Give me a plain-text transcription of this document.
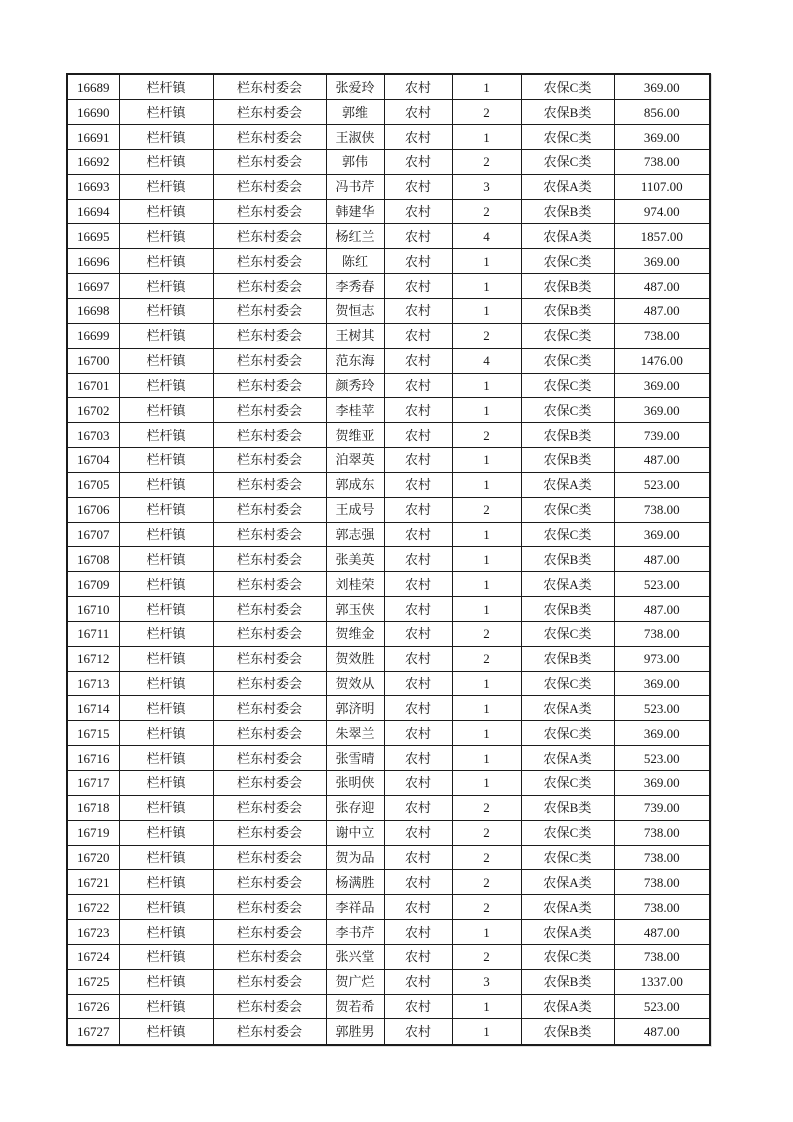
16689	栏杆镇	栏东村委会	张爱玲	农村	1	农保C类	369.00
16690	栏杆镇	栏东村委会	郭维	农村	2	农保B类	856.00
16691	栏杆镇	栏东村委会	王淑侠	农村	1	农保C类	369.00
16692	栏杆镇	栏东村委会	郭伟	农村	2	农保C类	738.00
16693	栏杆镇	栏东村委会	冯书芹	农村	3	农保A类	1107.00
16694	栏杆镇	栏东村委会	韩建华	农村	2	农保B类	974.00
16695	栏杆镇	栏东村委会	杨红兰	农村	4	农保A类	1857.00
16696	栏杆镇	栏东村委会	陈红	农村	1	农保C类	369.00
16697	栏杆镇	栏东村委会	李秀春	农村	1	农保B类	487.00
16698	栏杆镇	栏东村委会	贺恒志	农村	1	农保B类	487.00
16699	栏杆镇	栏东村委会	王树其	农村	2	农保C类	738.00
16700	栏杆镇	栏东村委会	范东海	农村	4	农保C类	1476.00
16701	栏杆镇	栏东村委会	颜秀玲	农村	1	农保C类	369.00
16702	栏杆镇	栏东村委会	李桂苹	农村	1	农保C类	369.00
16703	栏杆镇	栏东村委会	贺维亚	农村	2	农保B类	739.00
16704	栏杆镇	栏东村委会	泊翠英	农村	1	农保B类	487.00
16705	栏杆镇	栏东村委会	郭成东	农村	1	农保A类	523.00
16706	栏杆镇	栏东村委会	王成号	农村	2	农保C类	738.00
16707	栏杆镇	栏东村委会	郭志强	农村	1	农保C类	369.00
16708	栏杆镇	栏东村委会	张美英	农村	1	农保B类	487.00
16709	栏杆镇	栏东村委会	刘桂荣	农村	1	农保A类	523.00
16710	栏杆镇	栏东村委会	郭玉侠	农村	1	农保B类	487.00
16711	栏杆镇	栏东村委会	贺维金	农村	2	农保C类	738.00
16712	栏杆镇	栏东村委会	贺效胜	农村	2	农保B类	973.00
16713	栏杆镇	栏东村委会	贺效从	农村	1	农保C类	369.00
16714	栏杆镇	栏东村委会	郭济明	农村	1	农保A类	523.00
16715	栏杆镇	栏东村委会	朱翠兰	农村	1	农保C类	369.00
16716	栏杆镇	栏东村委会	张雪晴	农村	1	农保A类	523.00
16717	栏杆镇	栏东村委会	张明侠	农村	1	农保C类	369.00
16718	栏杆镇	栏东村委会	张存迎	农村	2	农保B类	739.00
16719	栏杆镇	栏东村委会	谢中立	农村	2	农保C类	738.00
16720	栏杆镇	栏东村委会	贺为品	农村	2	农保C类	738.00
16721	栏杆镇	栏东村委会	杨满胜	农村	2	农保A类	738.00
16722	栏杆镇	栏东村委会	李祥品	农村	2	农保A类	738.00
16723	栏杆镇	栏东村委会	李书芹	农村	1	农保A类	487.00
16724	栏杆镇	栏东村委会	张兴堂	农村	2	农保C类	738.00
16725	栏杆镇	栏东村委会	贺广烂	农村	3	农保B类	1337.00
16726	栏杆镇	栏东村委会	贺若希	农村	1	农保A类	523.00
16727	栏杆镇	栏东村委会	郭胜男	农村	1	农保B类	487.00
